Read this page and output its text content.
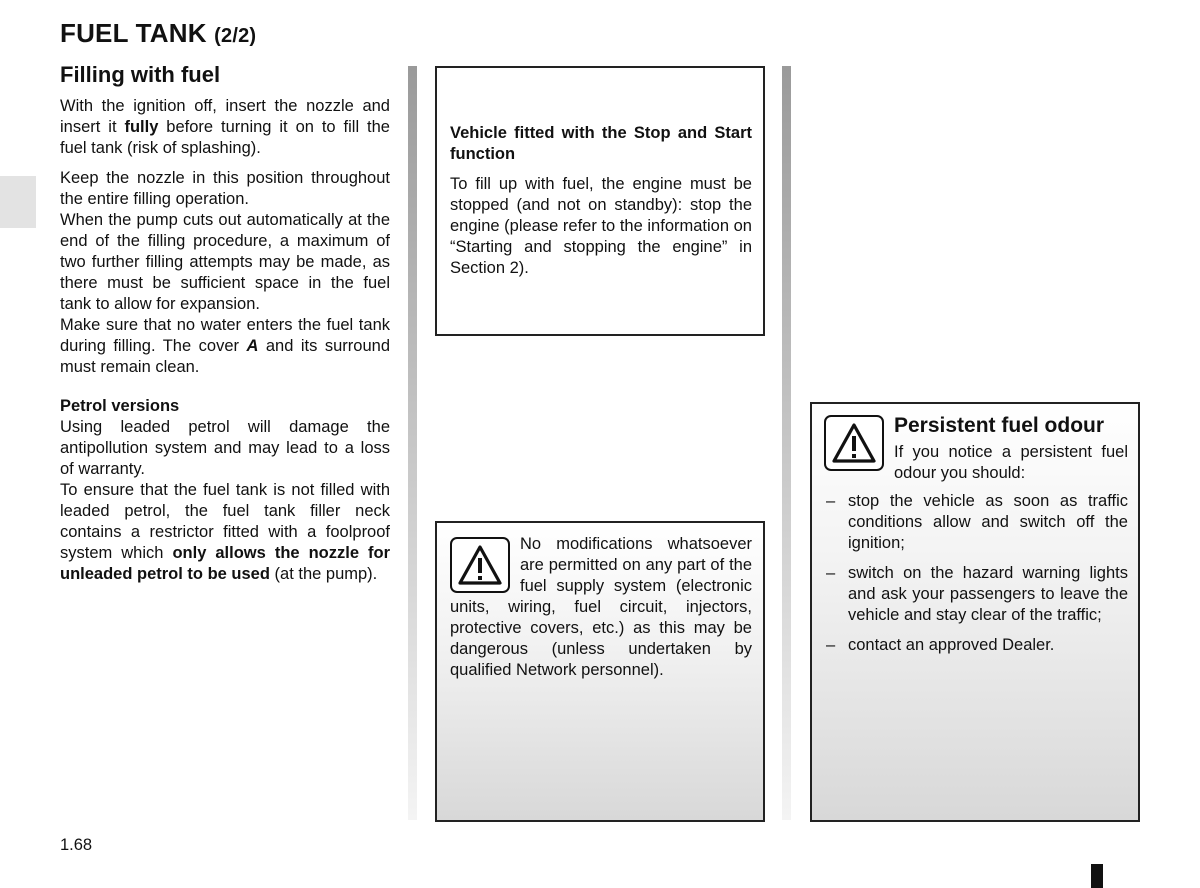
FUEL TANK (2/2)
Filling with fuel

With the ignition off, insert the nozzle and insert it fully before turning it on to fill the fuel tank (risk of splashing).

Keep the nozzle in this position throughout the entire filling operation.

When the pump cuts out automatically at the end of the filling procedure, a maximum of two further filling attempts may be made, as there must be sufficient space in the fuel tank to allow for expansion.

Make sure that no water enters the fuel tank during filling. The cover A and its surround must remain clean.

Petrol versions

Using leaded petrol will damage the antipollution system and may lead to a loss of warranty.

To ensure that the fuel tank is not filled with leaded petrol, the fuel tank filler neck contains a restrictor fitted with a foolproof system which only allows the nozzle for unleaded petrol to be used (at the pump).

Vehicle fitted with the Stop and Start function

To fill up with fuel, the engine must be stopped (and not on standby): stop the engine (please refer to the information on “Starting and stopping the engine” in Section 2).

No modifications whatsoever are permitted on any part of the fuel supply system (electronic units, wiring, fuel circuit, injectors, protective covers, etc.) as this may be dangerous (unless undertaken by qualified Network personnel).

Persistent fuel odour

If you notice a persistent fuel odour you should:

– stop the vehicle as soon as traffic conditions allow and switch off the ignition;
– switch on the hazard warning lights and ask your passengers to leave the vehicle and stay clear of the traffic;
– contact an approved Dealer.
1.68
